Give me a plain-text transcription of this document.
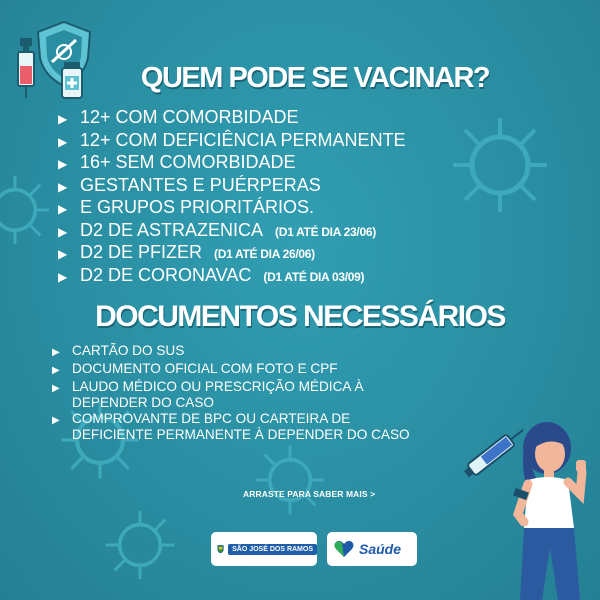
QUEM PODE SE VACINAR?
▶ 12+ COM COMORBIDADE
▶ 12+ COM DEFICIÊNCIA PERMANENTE
▶ 16+ SEM COMORBIDADE
▶ GESTANTES E PUÉRPERAS
▶ E GRUPOS PRIORITÁRIOS.
▶ D2 DE ASTRAZENICA (D1 ATÉ DIA 23/06)
▶ D2 DE PFIZER (D1 ATÉ DIA 26/06)
▶ D2 DE CORONAVAC (D1 ATÉ DIA 03/09)
DOCUMENTOS NECESSÁRIOS
▶ CARTÃO DO SUS
▶ DOCUMENTO OFICIAL COM FOTO E CPF
▶ LAUDO MÉDICO OU PRESCRIÇÃO MÉDICA À
DEPENDER DO CASO
▶ COMPROVANTE DE BPC OU CARTEIRA DE
DEFICIENTE PERMANENTE À DEPENDER DO CASO
ARRASTE PARA SABER MAIS >
SÃO JOSÉ DOS RAMOS	Saúde
